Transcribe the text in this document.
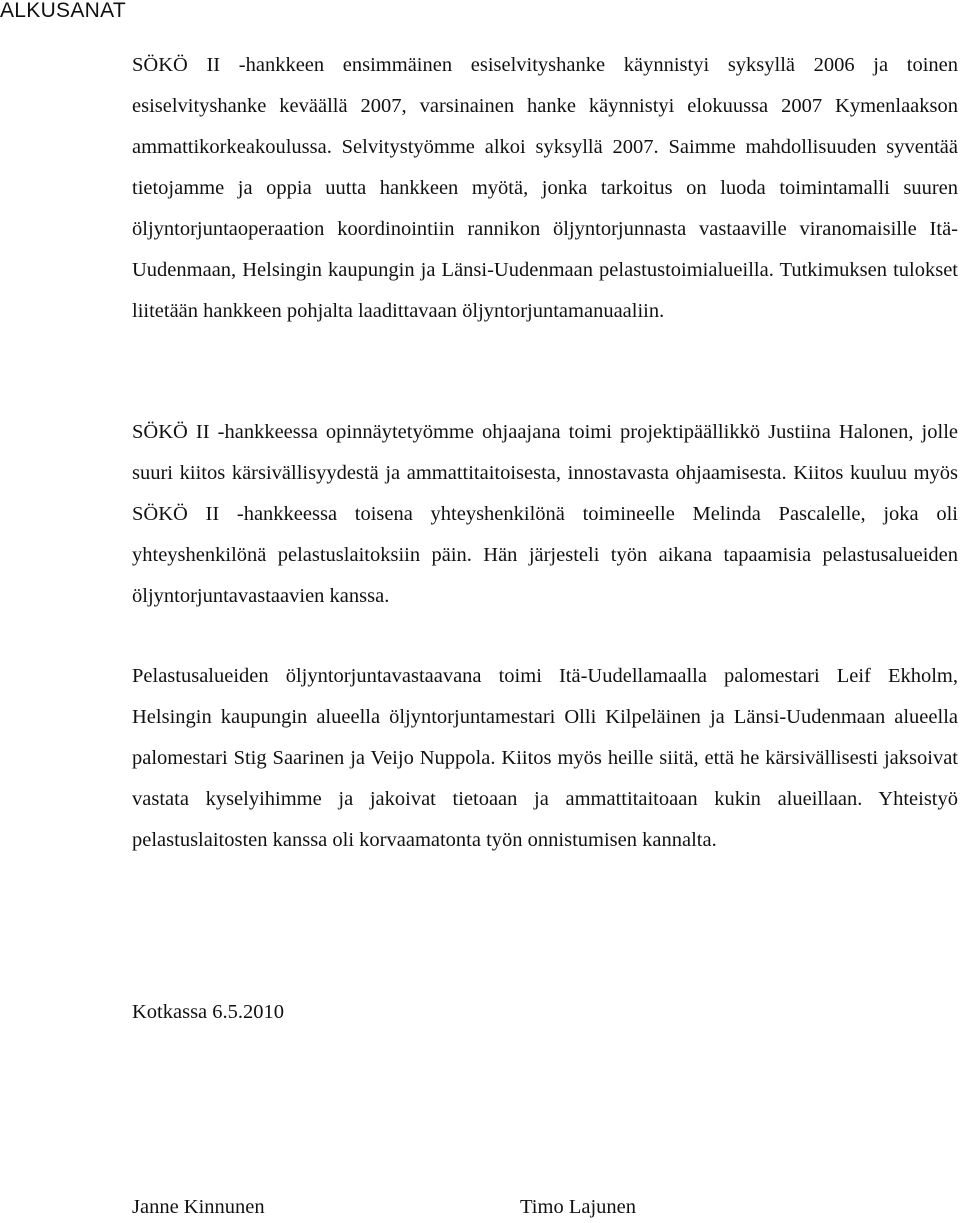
ALKUSANAT

SÖKÖ II -hankkeen ensimmäinen esiselvityshanke käynnistyi syksyllä 2006 ja toinen esiselvityshanke keväällä 2007, varsinainen hanke käynnistyi elokuussa 2007 Kymenlaakson ammattikorkeakoulussa. Selvitystyömme alkoi syksyllä 2007. Saimme mahdollisuuden syventää tietojamme ja oppia uutta hankkeen myötä, jonka tarkoitus on luoda toimintamalli suuren öljyntorjuntaoperaation koordinointiin rannikon öljyntorjunnasta vastaaville viranomaisille Itä-Uudenmaan, Helsingin kaupungin ja Länsi-Uudenmaan pelastustoimialueilla. Tutkimuksen tulokset liitetään hankkeen pohjalta laadittavaan öljyntorjuntamanuaaliin.

SÖKÖ II -hankkeessa opinnäytetyömme ohjaajana toimi projektipäällikkö Justiina Halonen, jolle suuri kiitos kärsivällisyydestä ja ammattitaitoisesta, innostavasta ohjaamisesta. Kiitos kuuluu myös SÖKÖ II -hankkeessa toisena yhteyshenkilönä toimineelle Melinda Pascalelle, joka oli yhteyshenkilönä pelastuslaitoksiin päin. Hän järjesteli työn aikana tapaamisia pelastusalueiden öljyntorjuntavastaavien kanssa.

Pelastusalueiden öljyntorjuntavastaavana toimi Itä-Uudellamaalla palomestari Leif Ekholm, Helsingin kaupungin alueella öljyntorjuntamestari Olli Kilpeläinen ja Länsi-Uudenmaan alueella palomestari Stig Saarinen ja Veijo Nuppola. Kiitos myös heille siitä, että he kärsivällisesti jaksoivat vastata kyselyihimme ja jakoivat tietoaan ja ammattitaitoaan kukin alueillaan. Yhteistyö pelastuslaitosten kanssa oli korvaamatonta työn onnistumisen kannalta.

Kotkassa 6.5.2010

Janne Kinnunen	Timo Lajunen
